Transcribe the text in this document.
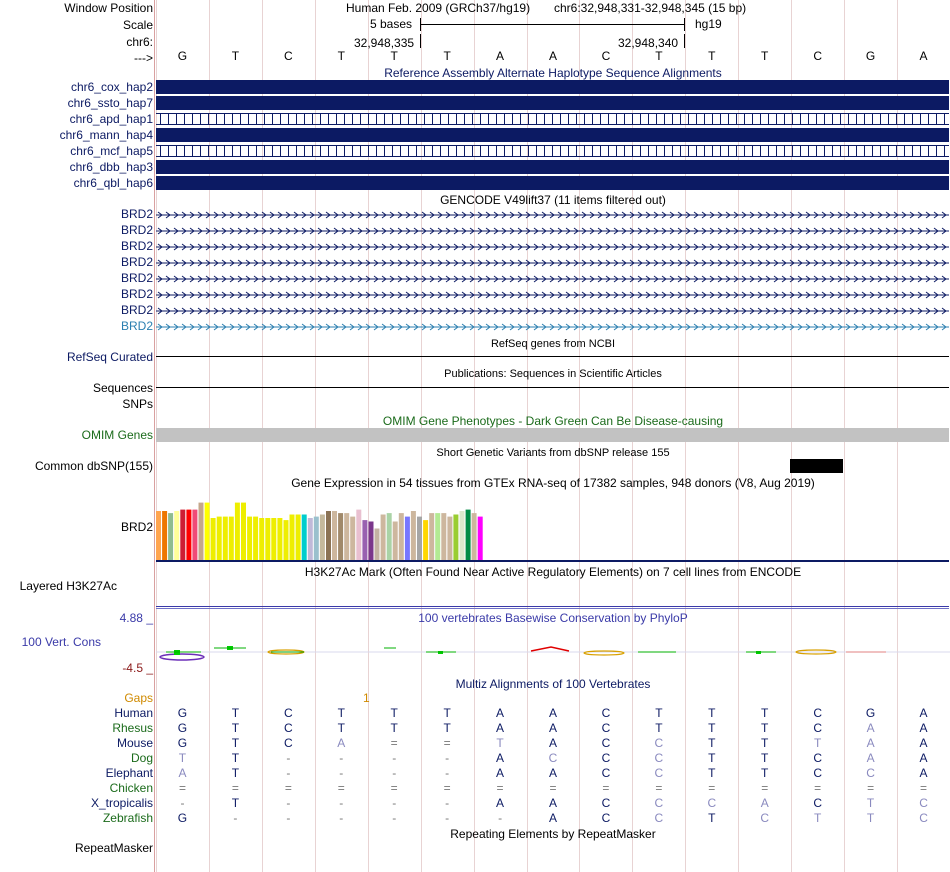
Window Position
Scale
chr6:
--->
Human Feb. 2009 (GRCh37/hg19) chr6:32,948,331-32,948,345 (15 bp)
5 bases	hg19
32,948,335	32,948,340
G	T	C	T	T	T	A	A	C	T	T	T	C	G	A
Reference Assembly Alternate Haplotype Sequence Alignments
chr6_cox_hap2
chr6_ssto_hap7
chr6_apd_hap1
chr6_mann_hap4
chr6_mcf_hap5
chr6_dbb_hap3
chr6_qbl_hap6
GENCODE V49lift37 (11 items filtered out)
BRD2
BRD2
BRD2
BRD2
BRD2
BRD2
BRD2
BRD2
RefSeq genes from NCBI
RefSeq Curated
Publications: Sequences in Scientific Articles
Sequences
SNPs
OMIM Gene Phenotypes - Dark Green Can Be Disease-causing
OMIM Genes
Short Genetic Variants from dbSNP release 155
Common dbSNP(155)
Gene Expression in 54 tissues from GTEx RNA-seq of 17382 samples, 948 donors (V8, Aug 2019)
BRD2
H3K27Ac Mark (Often Found Near Active Regulatory Elements) on 7 cell lines from ENCODE
Layered H3K27Ac
100 vertebrates Basewise Conservation by PhyloP
4.88 _
100 Vert. Cons
-4.5 _
Multiz Alignments of 100 Vertebrates
Gaps	1
Human	G	T	C	T	T	T	A	A	C	T	T	T	C	G	A
Rhesus	G	T	C	T	T	T	A	A	C	T	T	T	C	A	A
Mouse	G	T	C	A	=	=	T	A	C	C	T	T	T	A	A
Dog	T	T	-	-	-	-	A	C	C	C	T	T	C	A	A
Elephant	A	T	-	-	-	-	A	A	C	C	T	T	C	C	A
Chicken	=	=	=	=	=	=	=	=	=	=	=	=	=	=	=
X_tropicalis	-	T	-	-	-	-	A	A	C	C	C	A	C	T	C
Zebrafish	G	-	-	-	-	-	-	A	C	C	T	C	T	T	C
Repeating Elements by RepeatMasker
RepeatMasker
